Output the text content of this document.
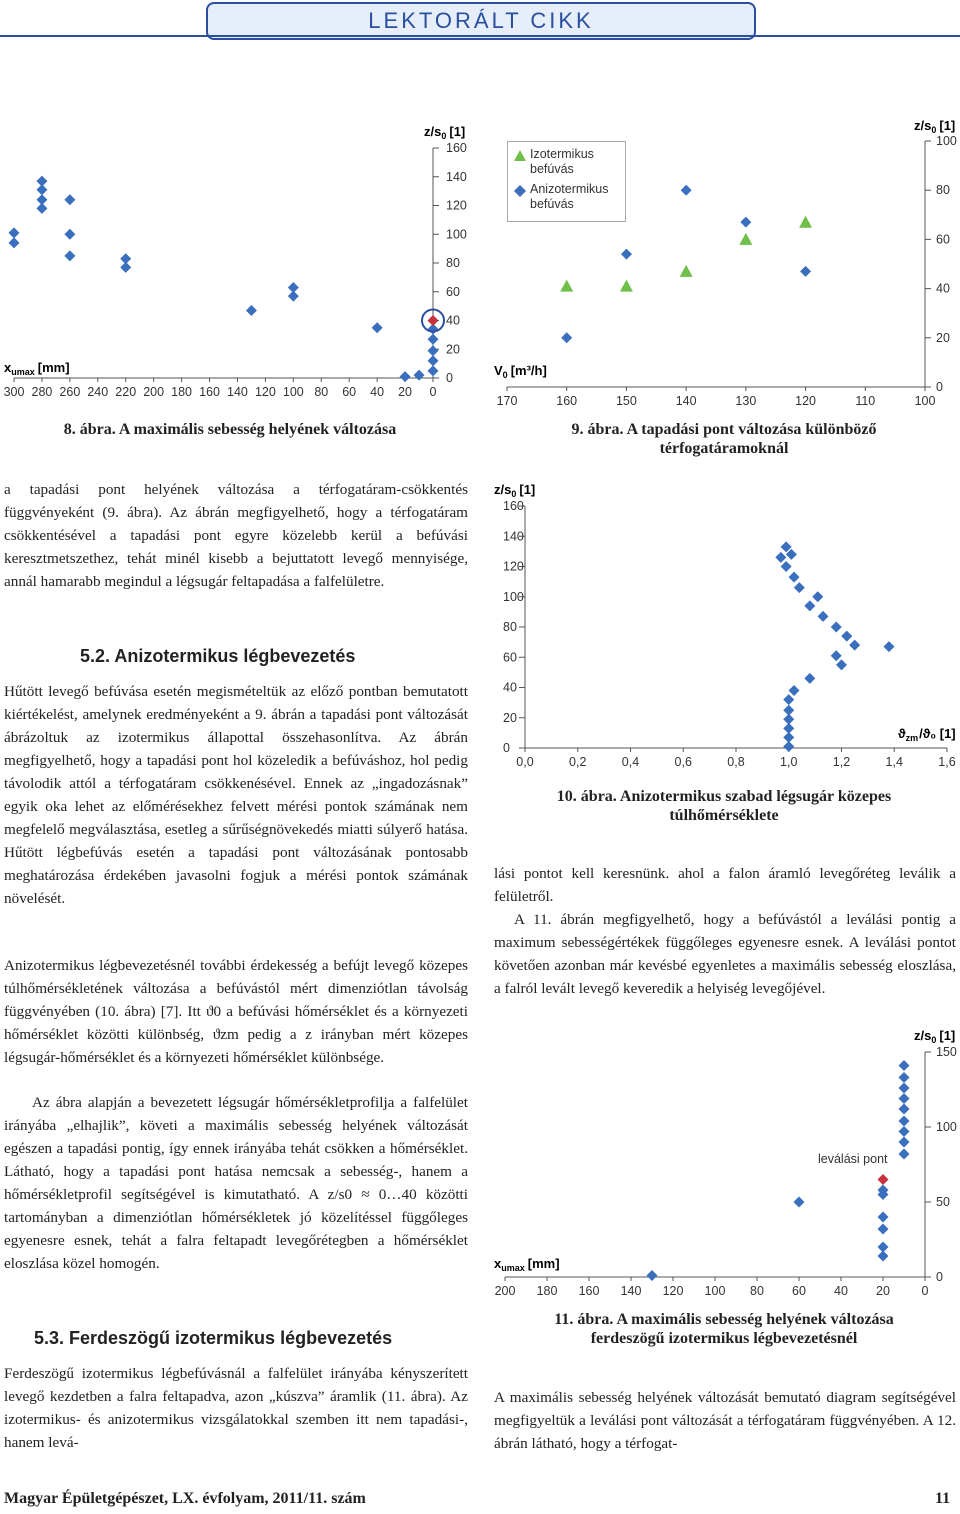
LEKTORÁLT CIKK
0
20
40
60
80
100
120
140
160
300 280 260 240 220 200 180 160 140 120 100 80 60 40 20 0
$z/s_0$ [1]
$x_{umax}$ [mm]
8. ábra. A maximális sebesség helyének változása
0
20
40
60
80
100
170	160	150	140	130	120	110	100
$z/s_0$ [1]
$V_0$ [m³/h]
Izotermikus befúvás
Anizotermikus befúvás
9. ábra. A tapadási pont változása különböző
térfogatáramoknál
0
20
40
60
80
100
120
140
160
0,0	0,2	0,4	0,6	0,8	1,0	1,2	1,4	1,6
$z/s_0$ [1]
$ϑ_{zm}/ϑ_0$ [1]
10. ábra. Anizotermikus szabad légsugár közepes
túlhőmérséklete
0
50
100
150
200 180 160 140 120 100 80 60 40 20	0
$z/s_0$ [1]
$x_{umax}$ [mm]
leválási pont
11. ábra. A maximális sebesség helyének változása
ferdeszögű izotermikus légbevezetésnél
a tapadási pont helyének változása a térfogatáram-csökkentés függvényeként (9. ábra). Az ábrán megfigyelhető, hogy a térfogatáram csökkentésével a tapadási pont egyre közelebb kerül a befúvási keresztmetszethez, tehát minél kisebb a bejuttatott levegő mennyisége, annál hamarabb megindul a légsugár feltapadása a falfelületre.
5.2. Anizotermikus légbevezetés
Hűtött levegő befúvása esetén megismételtük az előző pontban bemutatott kiértékelést, amelynek eredményeként a 9. ábrán a tapadási pont változását ábrázoltuk az izotermikus állapottal összehasonlítva. Az ábrán megfigyelhető, hogy a tapadási pont hol közeledik a befúváshoz, hol pedig távolodik attól a térfogatáram csökkenésével. Ennek az „ingadozásnak” egyik oka lehet az előmérésekhez felvett mérési pontok számának nem megfelelő megválasztása, esetleg a sűrűségnövekedés miatti súlyerő hatása. Hűtött légbefúvás esetén a tapadási pont változásának pontosabb meghatározása érdekében javasolni fogjuk a mérési pontok számának növelését.
Anizotermikus légbevezetésnél további érdekesség a befújt levegő közepes túlhőmérsékletének változása a befúvástól mért dimenziótlan távolság függvényében (10. ábra) [7]. Itt ϑ0 a befúvási hőmérséklet és a környezeti hőmérséklet közötti különbség, ϑzm pedig a z irányban mért közepes légsugár-hőmérséklet és a környezeti hőmérséklet különbsége.
Az ábra alapján a bevezetett légsugár hőmérsékletprofilja a falfelület irányába „elhajlik”, követi a maximális sebesség helyének változását egészen a tapadási pontig, így ennek irányába tehát csökken a hőmérséklet. Látható, hogy a tapadási pont hatása nemcsak a sebesség-, hanem a hőmérsékletprofil segítségével is kimutatható. A z/s0 ≈ 0…40 közötti tartományban a dimenziótlan hőmérsékletek jó közelítéssel függőleges egyenesre esnek, tehát a falra feltapadt levegőrétegben a hőmérséklet eloszlása közel homogén.
5.3. Ferdeszögű izotermikus légbevezetés
Ferdeszögű izotermikus légbefúvásnál a falfelület irányába kényszerített levegő kezdetben a falra feltapadva, azon „kúszva” áramlik (11. ábra). Az izotermikus- és anizotermikus vizsgálatokkal szemben itt nem tapadási-, hanem levá-
lási pontot kell keresnünk. ahol a falon áramló levegőréteg leválik a felületről.
A 11. ábrán megfigyelhető, hogy a befúvástól a leválási pontig a maximum sebességértékek függőleges egyenesre esnek. A leválási pontot követően azonban már kevésbé egyenletes a maximális sebesség eloszlása, a falról levált levegő keveredik a helyiség levegőjével.
A maximális sebesség helyének változását bemutató diagram segítségével megfigyeltük a leválási pont változását a térfogatáram függvényében. A 12. ábrán látható, hogy a térfogat-
Magyar Épületgépészet, LX. évfolyam, 2011/11. szám	11
